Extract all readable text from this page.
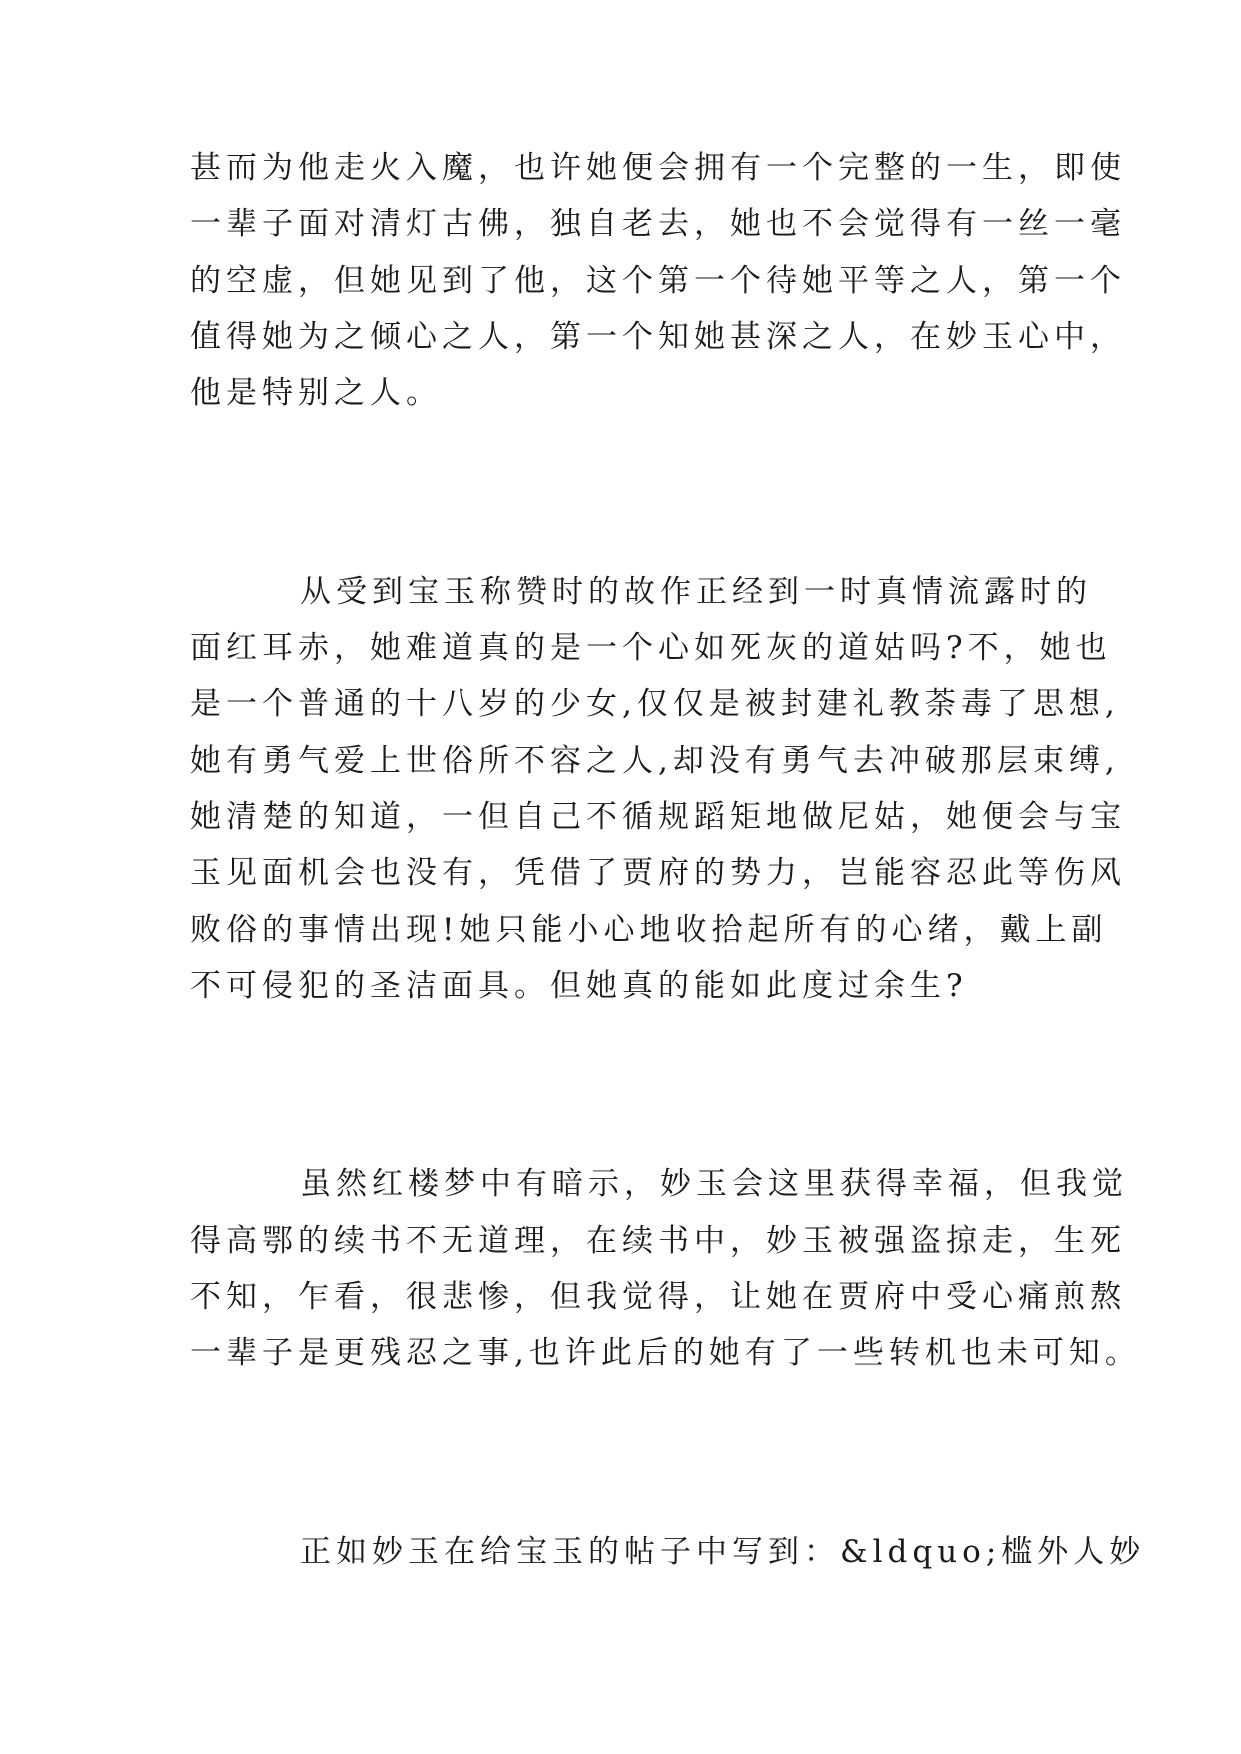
甚而为他走火入魔，也许她便会拥有一个完整的一生，即使
一辈子面对清灯古佛，独自老去，她也不会觉得有一丝一毫
的空虚，但她见到了他，这个第一个待她平等之人，第一个
值得她为之倾心之人，第一个知她甚深之人，在妙玉心中，
他是特别之人。
从受到宝玉称赞时的故作正经到一时真情流露时的
面红耳赤，她难道真的是一个心如死灰的道姑吗?不，她也
是一个普通的十八岁的少女,仅仅是被封建礼教荼毒了思想,
她有勇气爱上世俗所不容之人,却没有勇气去冲破那层束缚,
她清楚的知道，一但自己不循规蹈矩地做尼姑，她便会与宝
玉见面机会也没有，凭借了贾府的势力，岂能容忍此等伤风
败俗的事情出现!她只能小心地收拾起所有的心绪，戴上副
不可侵犯的圣洁面具。但她真的能如此度过余生?
虽然红楼梦中有暗示，妙玉会这里获得幸福，但我觉
得高鄂的续书不无道理，在续书中，妙玉被强盗掠走，生死
不知，乍看，很悲惨，但我觉得，让她在贾府中受心痛煎熬
一辈子是更残忍之事,也许此后的她有了一些转机也未可知。
正如妙玉在给宝玉的帖子中写到：&ldquo;槛外人妙
